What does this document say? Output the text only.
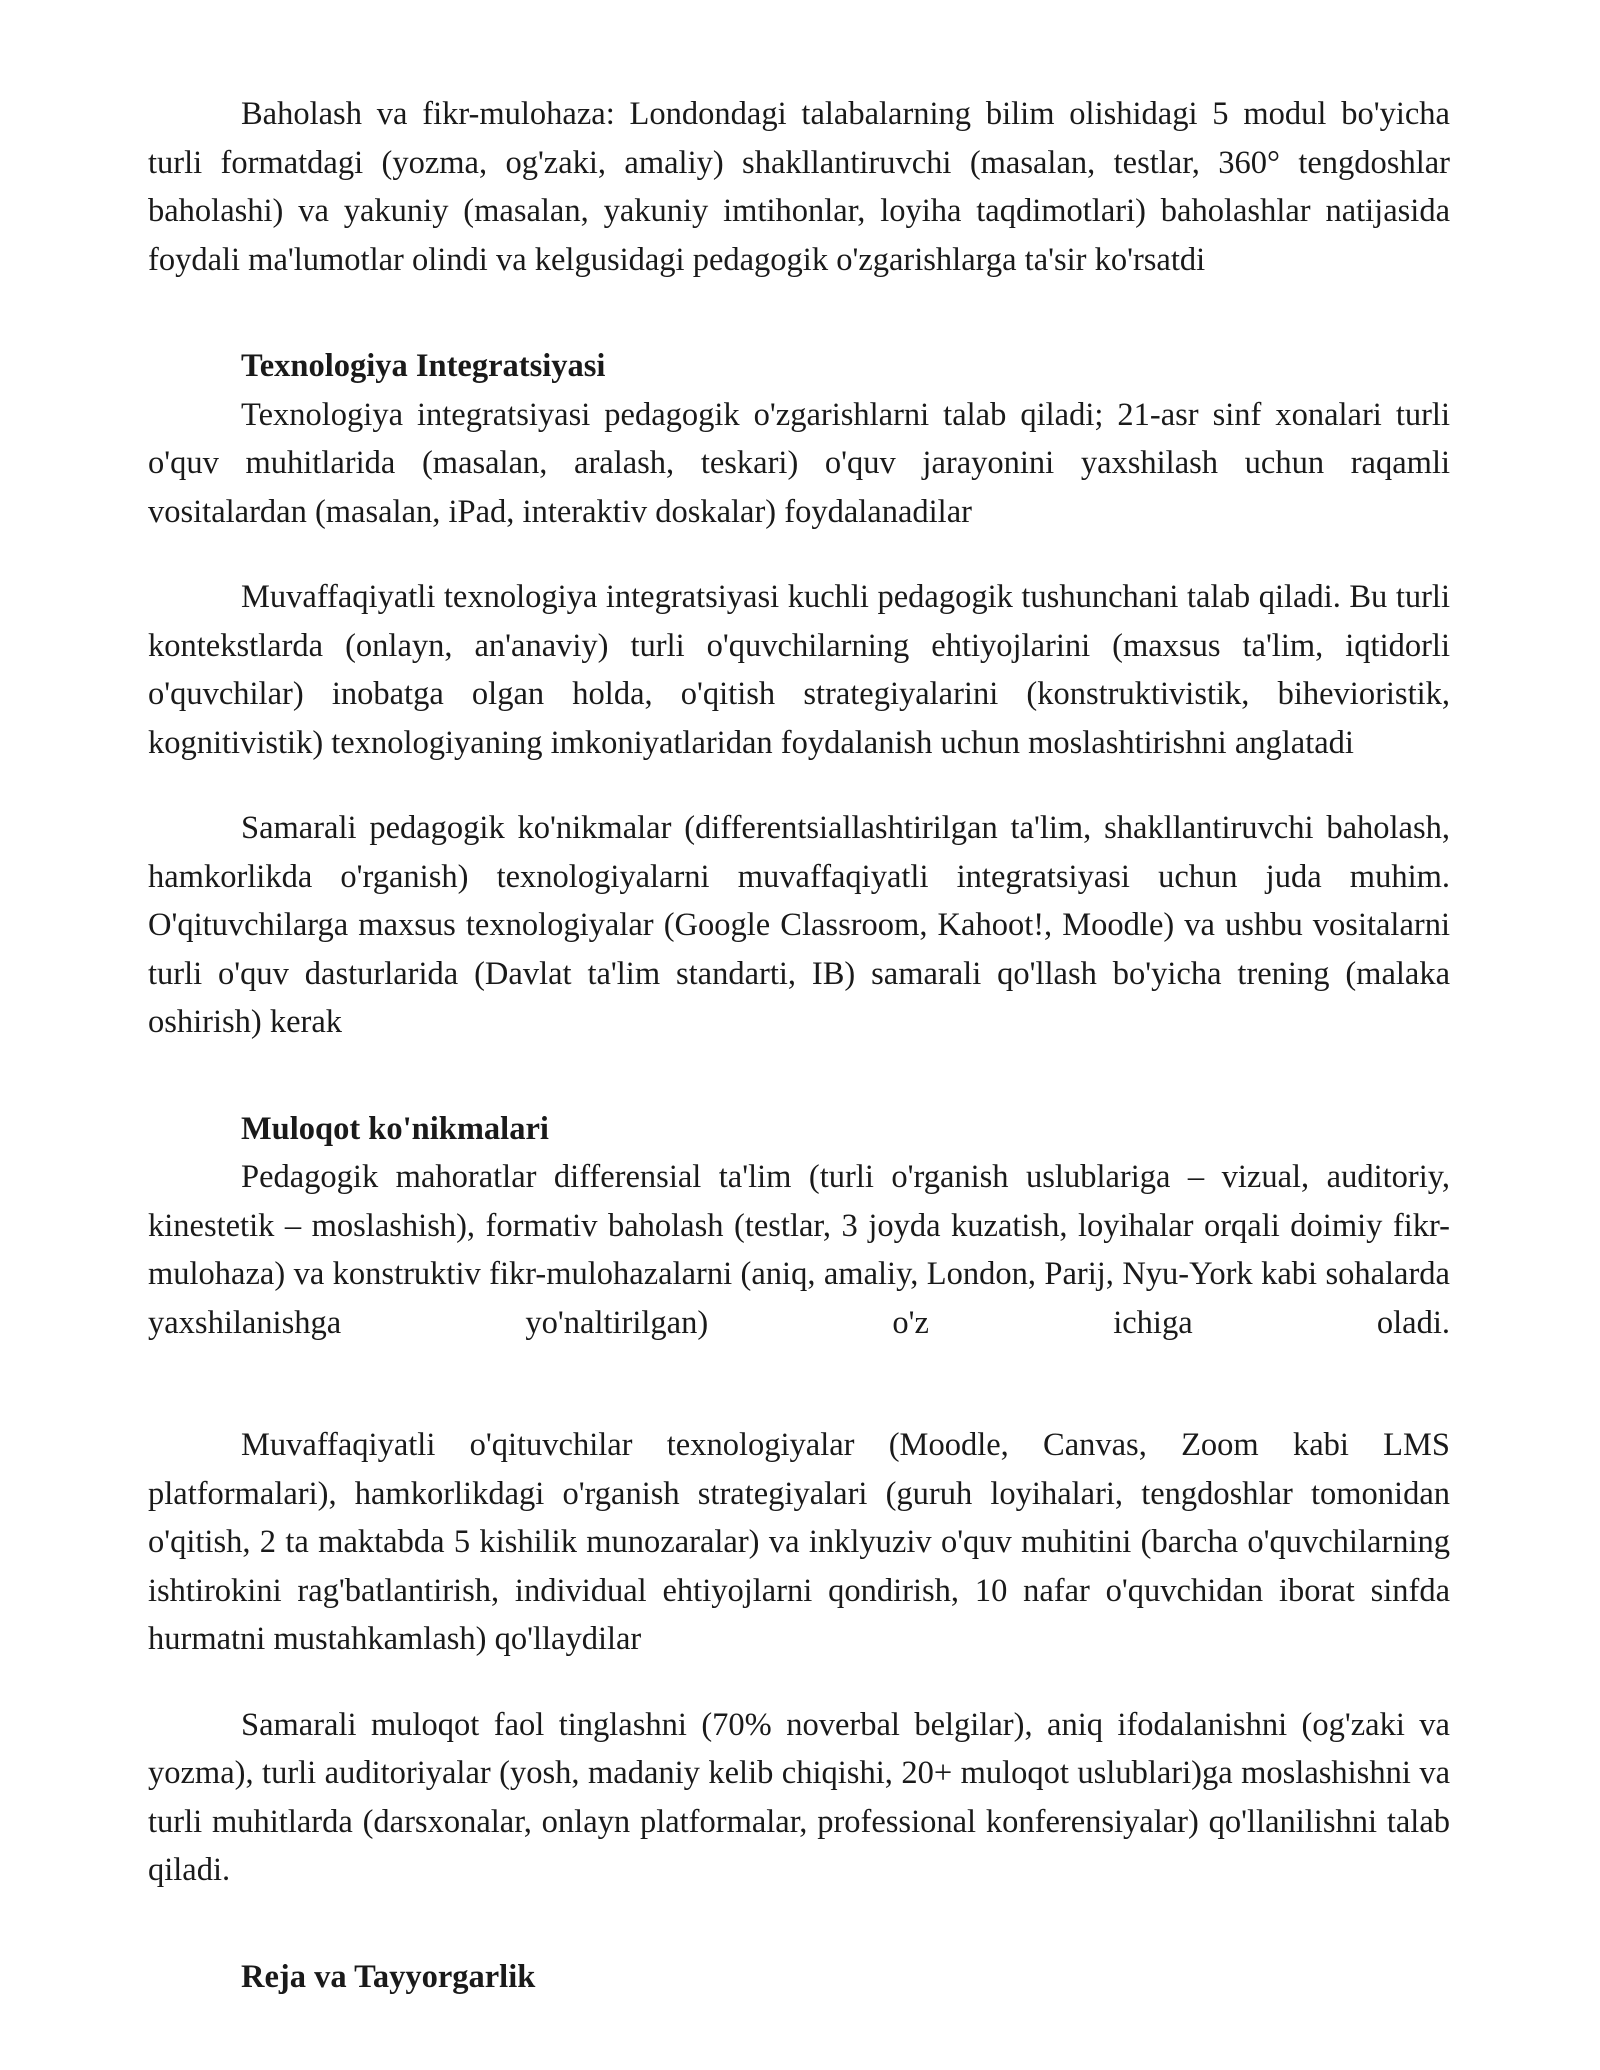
Baholash va fikr-mulohaza: Londondagi talabalarning bilim olishidagi 5 modul bo'yicha turli formatdagi (yozma, og'zaki, amaliy) shakllantiruvchi (masalan, testlar, 360° tengdoshlar baholashi) va yakuniy (masalan, yakuniy imtihonlar, loyiha taqdimotlari) baholashlar natijasida foydali ma'lumotlar olindi va kelgusidagi pedagogik o'zgarishlarga ta'sir ko'rsatdi

Texnologiya Integratsiyasi

Texnologiya integratsiyasi pedagogik o'zgarishlarni talab qiladi; 21-asr sinf xonalari turli o'quv muhitlarida (masalan, aralash, teskari) o'quv jarayonini yaxshilash uchun raqamli vositalardan (masalan, iPad, interaktiv doskalar) foydalanadilar

Muvaffaqiyatli texnologiya integratsiyasi kuchli pedagogik tushunchani talab qiladi. Bu turli kontekstlarda (onlayn, an'anaviy) turli o'quvchilarning ehtiyojlarini (maxsus ta'lim, iqtidorli o'quvchilar) inobatga olgan holda, o'qitish strategiyalarini (konstruktivistik, bihevioristik, kognitivistik) texnologiyaning imkoniyatlaridan foydalanish uchun moslashtirishni anglatadi

Samarali pedagogik ko'nikmalar (differentsiallashtirilgan ta'lim, shakllantiruvchi baholash, hamkorlikda o'rganish) texnologiyalarni muvaffaqiyatli integratsiyasi uchun juda muhim. O'qituvchilarga maxsus texnologiyalar (Google Classroom, Kahoot!, Moodle) va ushbu vositalarni turli o'quv dasturlarida (Davlat ta'lim standarti, IB) samarali qo'llash bo'yicha trening (malaka oshirish) kerak

Muloqot ko'nikmalari

Pedagogik mahoratlar differensial ta'lim (turli o'rganish uslublariga – vizual, auditoriy, kinestetik – moslashish), formativ baholash (testlar, 3 joyda kuzatish, loyihalar orqali doimiy fikr-mulohaza) va konstruktiv fikr-mulohazalarni (aniq, amaliy, London, Parij, Nyu-York kabi sohalarda yaxshilanishga yo'naltirilgan) o'z ichiga oladi.

Muvaffaqiyatli o'qituvchilar texnologiyalar (Moodle, Canvas, Zoom kabi LMS platformalari), hamkorlikdagi o'rganish strategiyalari (guruh loyihalari, tengdoshlar tomonidan o'qitish, 2 ta maktabda 5 kishilik munozaralar) va inklyuziv o'quv muhitini (barcha o'quvchilarning ishtirokini rag'batlantirish, individual ehtiyojlarni qondirish, 10 nafar o'quvchidan iborat sinfda hurmatni mustahkamlash) qo'llaydilar

Samarali muloqot faol tinglashni (70% noverbal belgilar), aniq ifodalanishni (og'zaki va yozma), turli auditoriyalar (yosh, madaniy kelib chiqishi, 20+ muloqot uslublari)ga moslashishni va turli muhitlarda (darsxonalar, onlayn platformalar, professional konferensiyalar) qo'llanilishni talab qiladi.

Reja va Tayyorgarlik
